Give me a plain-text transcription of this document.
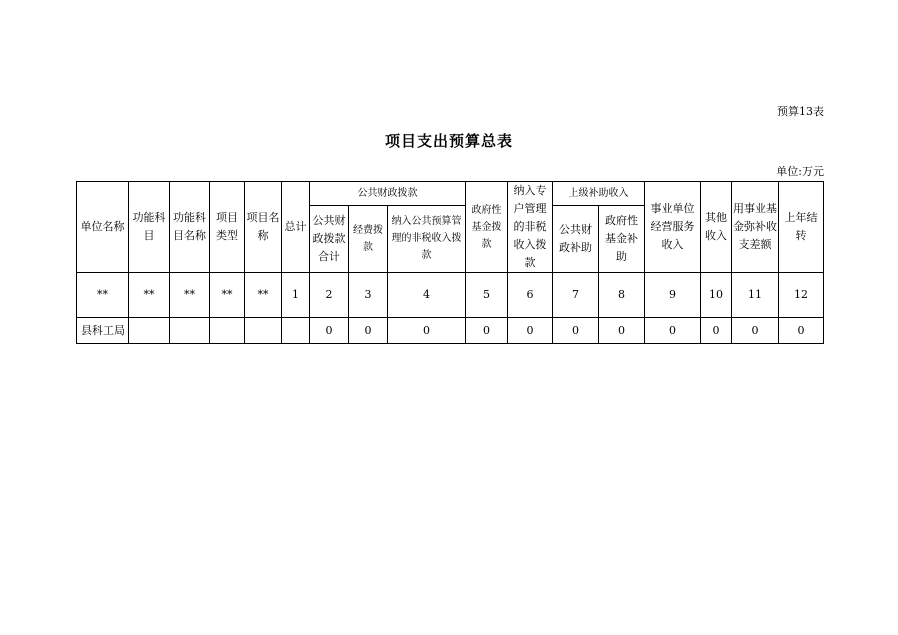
预算13表
项目支出预算总表
单位:万元
单位名称	功能科目	功能科目名称	项目类型	项目名称	总计	公共财政拨款			政府性基金拨款	纳入专户管理的非税收入拨款	上级补助收入		事业单位经营服务收入	其他收入	用事业基金弥补收支差额	上年结转
						公共财政拨款合计	经费拨款	纳入公共预算管理的非税收入拨款			公共财政补助	政府性基金补助				
**	**	**	**	**	1	2	3	4	5	6	7	8	9	10	11	12
县科工局						0	0	0	0	0	0	0	0	0	0	0
